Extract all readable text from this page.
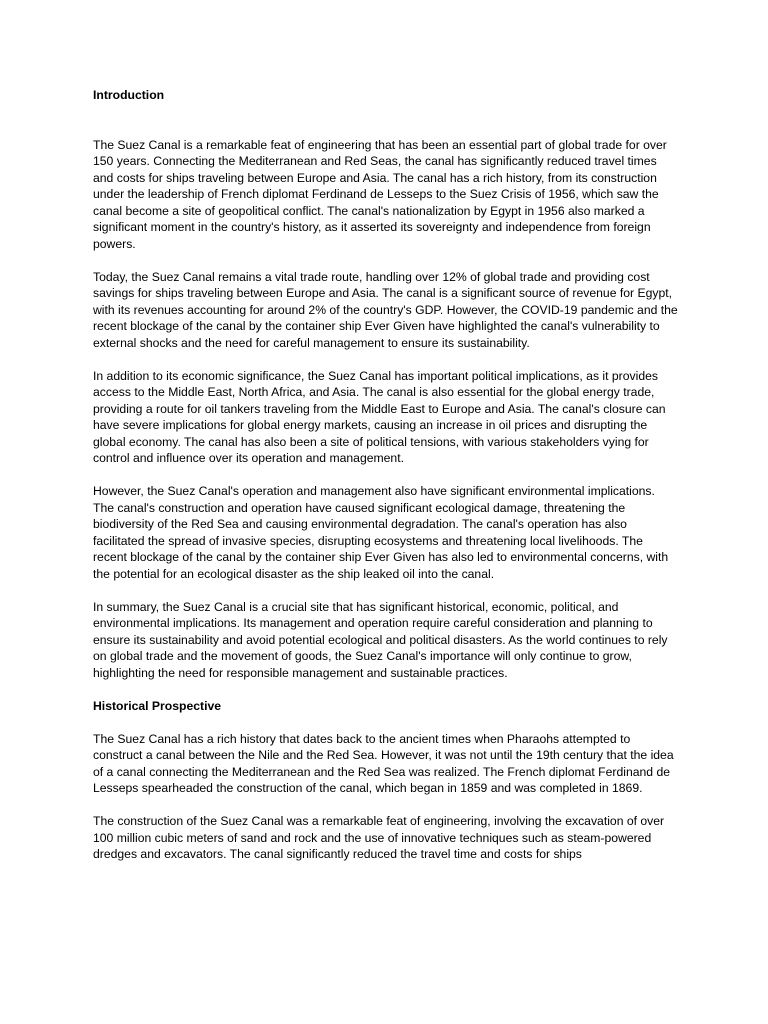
Introduction

The Suez Canal is a remarkable feat of engineering that has been an essential part of global trade for over 150 years. Connecting the Mediterranean and Red Seas, the canal has significantly reduced travel times and costs for ships traveling between Europe and Asia. The canal has a rich history, from its construction under the leadership of French diplomat Ferdinand de Lesseps to the Suez Crisis of 1956, which saw the canal become a site of geopolitical conflict. The canal's nationalization by Egypt in 1956 also marked a significant moment in the country's history, as it asserted its sovereignty and independence from foreign powers.

Today, the Suez Canal remains a vital trade route, handling over 12% of global trade and providing cost savings for ships traveling between Europe and Asia. The canal is a significant source of revenue for Egypt, with its revenues accounting for around 2% of the country's GDP. However, the COVID-19 pandemic and the recent blockage of the canal by the container ship Ever Given have highlighted the canal's vulnerability to external shocks and the need for careful management to ensure its sustainability.

In addition to its economic significance, the Suez Canal has important political implications, as it provides access to the Middle East, North Africa, and Asia. The canal is also essential for the global energy trade, providing a route for oil tankers traveling from the Middle East to Europe and Asia. The canal's closure can have severe implications for global energy markets, causing an increase in oil prices and disrupting the global economy. The canal has also been a site of political tensions, with various stakeholders vying for control and influence over its operation and management.

However, the Suez Canal's operation and management also have significant environmental implications. The canal's construction and operation have caused significant ecological damage, threatening the biodiversity of the Red Sea and causing environmental degradation. The canal's operation has also facilitated the spread of invasive species, disrupting ecosystems and threatening local livelihoods. The recent blockage of the canal by the container ship Ever Given has also led to environmental concerns, with the potential for an ecological disaster as the ship leaked oil into the canal.

In summary, the Suez Canal is a crucial site that has significant historical, economic, political, and environmental implications. Its management and operation require careful consideration and planning to ensure its sustainability and avoid potential ecological and political disasters. As the world continues to rely on global trade and the movement of goods, the Suez Canal's importance will only continue to grow, highlighting the need for responsible management and sustainable practices.

Historical Prospective

The Suez Canal has a rich history that dates back to the ancient times when Pharaohs attempted to construct a canal between the Nile and the Red Sea. However, it was not until the 19th century that the idea of a canal connecting the Mediterranean and the Red Sea was realized. The French diplomat Ferdinand de Lesseps spearheaded the construction of the canal, which began in 1859 and was completed in 1869.

The construction of the Suez Canal was a remarkable feat of engineering, involving the excavation of over 100 million cubic meters of sand and rock and the use of innovative techniques such as steam-powered dredges and excavators. The canal significantly reduced the travel time and costs for ships
